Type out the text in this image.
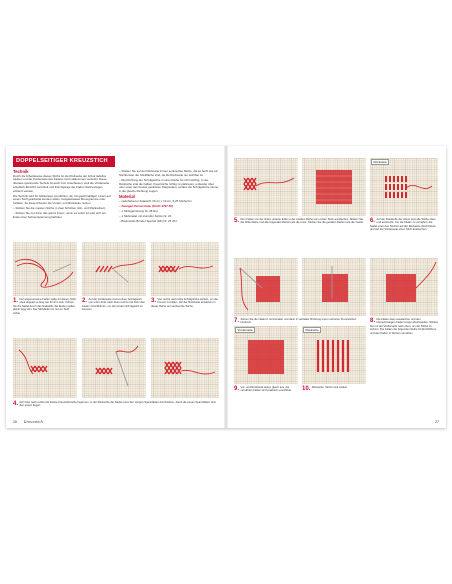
DOPPELSEITIGER KREUZSTICH
Technik

Durch die Arbeitsweise dieses Stichs ist die Rückseite der Arbeit tadellos sauber und die Vorderseite des Fadens sind vollkommen verdeckt. Diese überaus spannende Technik ist auch zum Unterfassen, weil die Vorderseite erheblich-Einsicht vermittelt und Durchgänge der Fäden Stickvorlagen entfernt werden.

Die Technik wird für Stickereien empfohlen, die mit gleichmäßigen Linien auf einem Stoff gearbeitet werden sollen, beispielsweise Monogramme oder Initialen, da diese Arbeiten die Vorder- und Rückseite nutzen.

– Sticken Sie die meisten Stiche in zwei Schritten (Hin- und Rückreihen).

– Sticken Sie nur dann das ganze Kreuz, wenn es sofort ist oder sich am Ende einer Sehnenspannung befindet.

– Sticken Sie auf der Rückseite immer senkrechte Stiche, die so hoch wie ein Stichfenster der Stickfläche sind, da die Rückseite nur sichtbar ist.

– Die Richtung der Schrägstiche in einer Reihe ist nicht wichtig. In der Rückreihe sind die halben Kreuzstiche richtig zu platzieren: entweder über oder unter den bereits gestickten Diagonalen, sodass die Schrägstiche immer in die gleiche Richtung zeigen.

Material

– naturfarbener Aidastoff, 20 cm x 10 cm, 5,25 Stiche/cm

– Zweigart Pensel Aida, (Kraft: 3707.56)

– 1 Stickgarnstrang Nr. 28 Rot

– 1 Sticknadel mit stumpfer Spitze Nr. 24

– Baumwolle Brinder Spezial (DK) Nr. 25 321

1. Der abgemessene Faden sollte für diesen Stich etwa doppelt so lang wie Ihr Arm sein. Führen Sie die Nadel durch das Nadelöhr, die Enden sollten gleich lang sein. Der Stickfaden ist nun im Stoff sicher.
2. Auf der Vorderseite zuerst einen Schrägstich von unten links nach oben rechts und dann den Faden zurückführen, um den ersten Schrägstich zu kreuzen.
3. Von rechts nach links Schrägstiche sticken, um die Kreuze zu bilden. Auf der Rückseite entstehen in dieser Reihe nur senkrechte Stiche.
4. Der linke nach rechts die zweite Kreuzstichreihe beginnen. In der Rückreihe die Nadel unter den vorigen Spannfäden durchziehen, damit die neuen Spannfäden über den ersten liegen.
26 Kreuzstich
Rückseite
5. Den Faden von der linken unteren Ecke in der zweiten Reihe vom ersten Stich ausstechen. Sticken Sie die dritte Reihe und alle folgenden Reihen wie die erste. Sticken Sie die geraden Reihen wie die zweite.	6. Auf der Rückseite der Arbeit sind alle Stiche oben und senkrecht. Um die Fäden zu vernähen, die Nadel unter den Stichen auf der Rückseite durchziehen und auf der Vorderseite einen Stich ausstechen.
7. Ziehen Sie die Nadel in horizontaler und dann in vertikaler Richtung unter mehreren Kreuzstichen hindurch.	8. Die Fäden eben ausstechen und den überschüssigen Faden knapp abschneiden. Sticken Sie mit der Vorderseite nach oben, um die Stiche zu sichern. Die Fäden der folgenden Reihe hindurchführen und den Faden in Stichen vernähen.
Vorderseite	Rückseite
9. Vor- und Rückseite sehen gleich aus, die vernähten Fäden sind praktisch unsichtbar.	10. Rückseite, Stiche sind sauber.
27
